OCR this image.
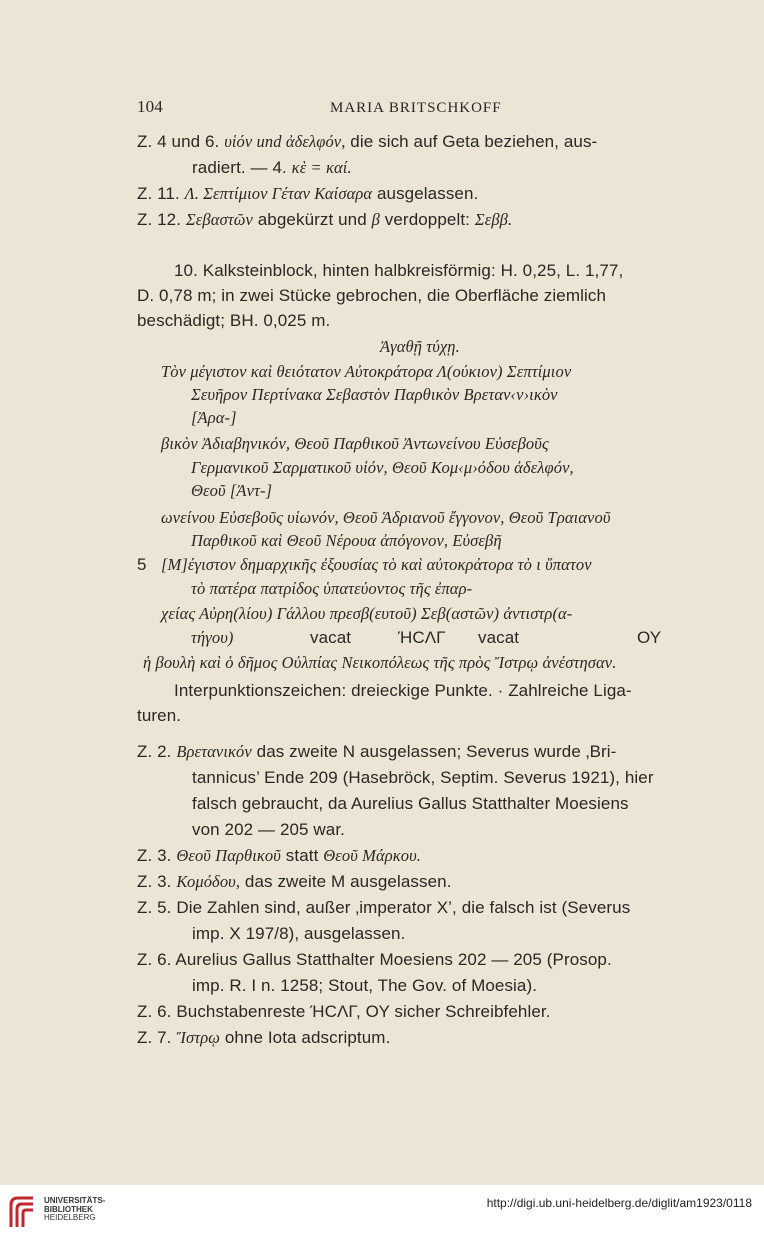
104	MARIA BRITSCHKOFF
Z. 4 und 6. υἱόν und ἀδελφόν, die sich auf Geta beziehen, aus-
radiert. — 4. κὲ = καί.
Z. 11. Λ. Σεπτίμιον Γέταν Καίσαρα ausgelassen.
Z. 12. Σεβαστῶν abgekürzt und β verdoppelt: Σεββ.
10. Kalksteinblock, hinten halbkreisförmig: H. 0,25, L. 1,77,
D. 0,78 m; in zwei Stücke gebrochen, die Oberfläche ziemlich
beschädigt; BH. 0,025 m.
Ἀγαθῇ τύχῃ.
Τὸν μέγιστον καὶ θειότατον Αὐτοκράτορα Λ(ούκιον) Σεπτίμιον
Σευῆρον Περτίνακα Σεβαστὸν Παρθικὸν Βρεταν‹ν›ικὸν
[Ἀρα-]
βικὸν Ἀδιαβηνικόν, Θεοῦ Παρθικοῦ Ἀντωνείνου Εὐσεβοῦς
Γερμανικοῦ Σαρματικοῦ υἱόν, Θεοῦ Κομ‹μ›όδου ἀδελφόν,
Θεοῦ [Ἀντ-]
ωνείνου Εὐσεβοῦς υἱωνόν, Θεοῦ Ἁδριανοῦ ἔγγονον, Θεοῦ Τραιανοῦ
Παρθικοῦ καὶ Θεοῦ Νέρουα ἀπόγονον, Εὐσεβῆ
5 [Μ]έγιστον δημαρχικῆς ἐξουσίας τὸ καὶ αὐτοκράτορα τὸ ι ὕπατον
τὸ πατέρα πατρίδος ὑπατεύοντος τῆς ἐπαρ-
χείας Αὐρη(λίου) Γάλλου πρεσβ(ευτοῦ) Σεβ(αστῶν) ἀντιστρ(α-
τήγου)	vacat	ΉCΛΓ vacat	ΟΥ
ἡ βουλὴ καὶ ὁ δῆμος Οὐλπίας Νεικοπόλεως τῆς πρὸς Ἴστρῳ ἀνέστησαν.
Interpunktionszeichen: dreieckige Punkte. · Zahlreiche Liga-
turen.
Z. 2. Βρετανικόν das zweite Ν ausgelassen; Severus wurde ‚Bri-
tannicus’ Ende 209 (Hasebröck, Septim. Severus 1921), hier
falsch gebraucht, da Aurelius Gallus Statthalter Moesiens
von 202 — 205 war.
Z. 3. Θεοῦ Παρθικοῦ statt Θεοῦ Μάρκου.
Z. 3. Κομόδου, das zweite Μ ausgelassen.
Z. 5. Die Zahlen sind, außer ‚imperator X’, die falsch ist (Severus
imp. X 197/8), ausgelassen.
Z. 6. Aurelius Gallus Statthalter Moesiens 202 — 205 (Prosop.
imp. R. I n. 1258; Stout, The Gov. of Moesia).
Z. 6. Buchstabenreste ΉCΛΓ, ΟΥ sicher Schreibfehler.
Z. 7. Ἴστρῳ ohne Iota adscriptum.
UNIVERSITÄTS-
BIBLIOTHEK
HEIDELBERG
http://digi.ub.uni-heidelberg.de/diglit/am1923/0118
